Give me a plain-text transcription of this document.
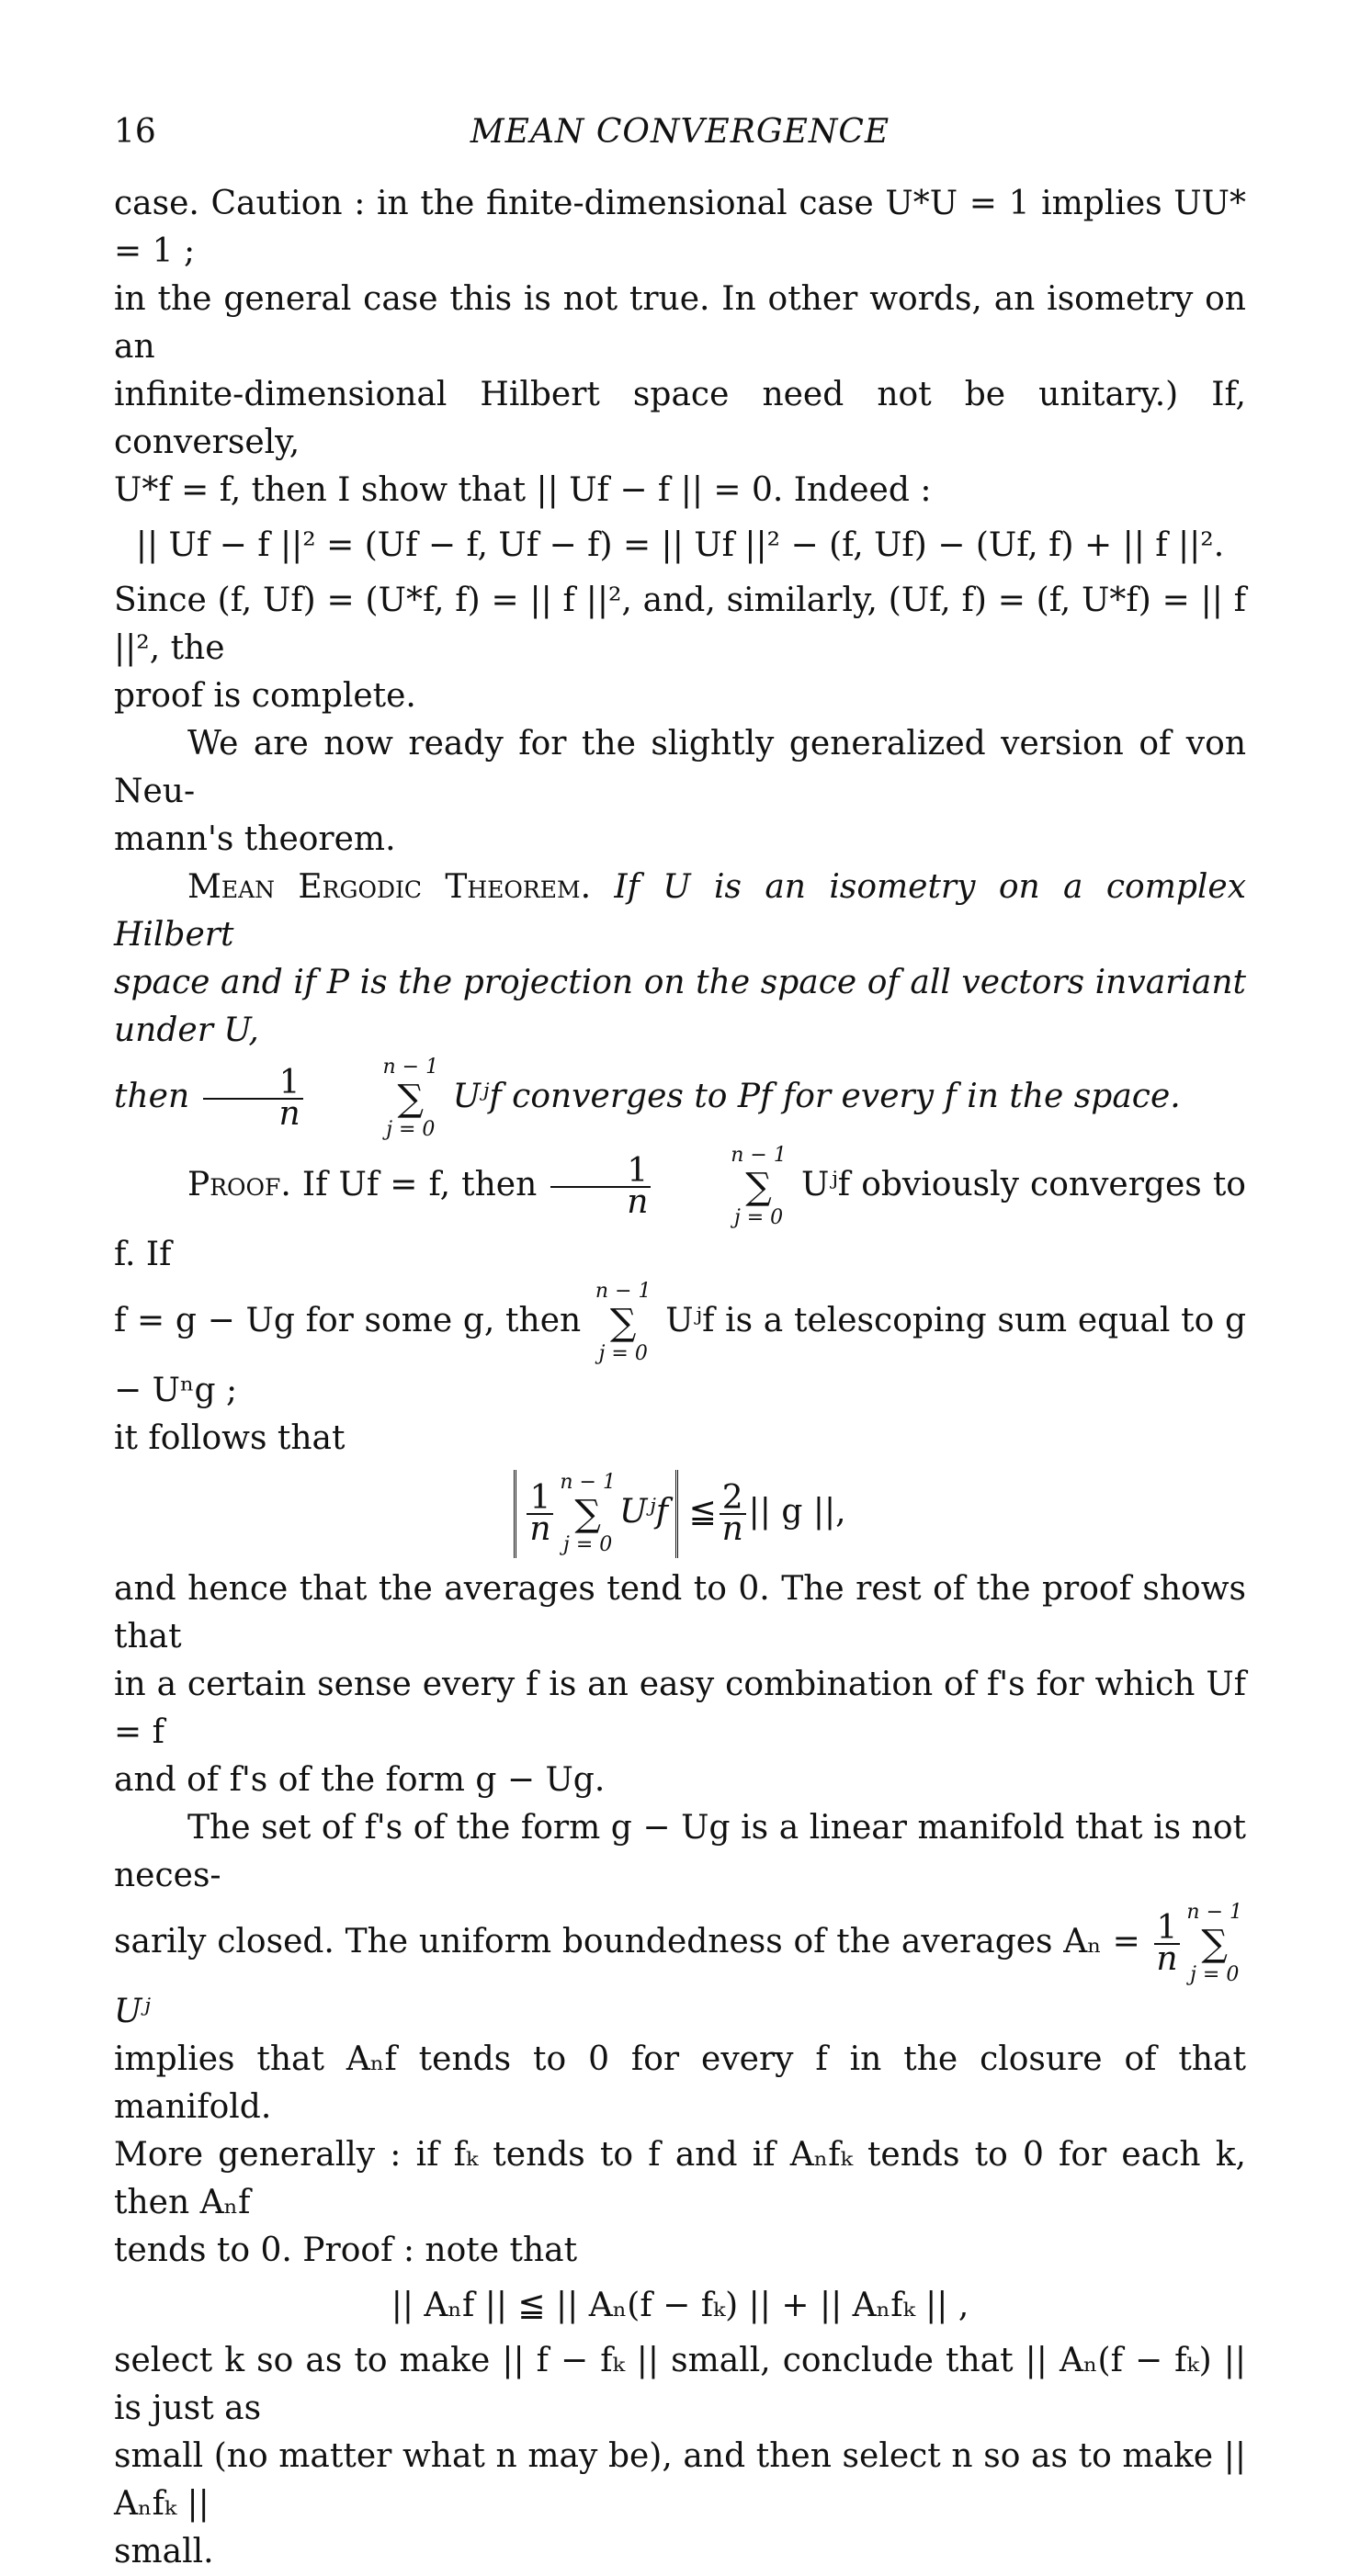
16	MEAN CONVERGENCE

case. Caution : in the finite-dimensional case U*U = 1 implies UU* = 1 ;
in the general case this is not true. In other words, an isometry on an
infinite-dimensional Hilbert space need not be unitary.) If, conversely,
U*f = f, then I show that || Uf − f || = 0. Indeed :

|| Uf − f ||² = (Uf − f, Uf − f) = || Uf ||² − (f, Uf) − (Uf, f) + || f ||².

Since (f, Uf) = (U*f, f) = || f ||², and, similarly, (Uf, f) = (f, U*f) = || f ||², the
proof is complete.

We are now ready for the slightly generalized version of von Neu-
mann's theorem.

Mean Ergodic Theorem. If U is an isometry on a complex Hilbert
space and if P is the projection on the space of all vectors invariant under U,
then $\frac{1}{n}$
n − 1
∑
j = 0
Uʲf converges to Pf for every f in the space.

Proof. If Uf = f, then $\frac{1}{n}$
n − 1
∑
j = 0
Uʲf obviously converges to f. If

f = g − Ug for some g, then
n − 1
∑
j = 0
Uʲf is a telescoping sum equal to g − Uⁿg ;
it follows that

$\frac{1}{n}$
n − 1
∑
j = 0
Uʲf ≦ $\frac{2}{n}$ || g ||,

and hence that the averages tend to 0. The rest of the proof shows that
in a certain sense every f is an easy combination of f's for which Uf = f
and of f's of the form g − Ug.

The set of f's of the form g − Ug is a linear manifold that is not neces-

sarily closed. The uniform boundedness of the averages $A_n = \frac{1}{n}$
n − 1
∑
j = 0
Uʲ
implies that Aₙf tends to 0 for every f in the closure of that manifold.
More generally : if fₖ tends to f and if Aₙfₖ tends to 0 for each k, then Aₙf
tends to 0. Proof : note that

|| Aₙf || ≦ || Aₙ(f − fₖ) || + || Aₙfₖ || ,

select k so as to make || f − fₖ || small, conclude that || Aₙ(f − fₖ) || is just as
small (no matter what n may be), and then select n so as to make || Aₙfₖ ||
small.
